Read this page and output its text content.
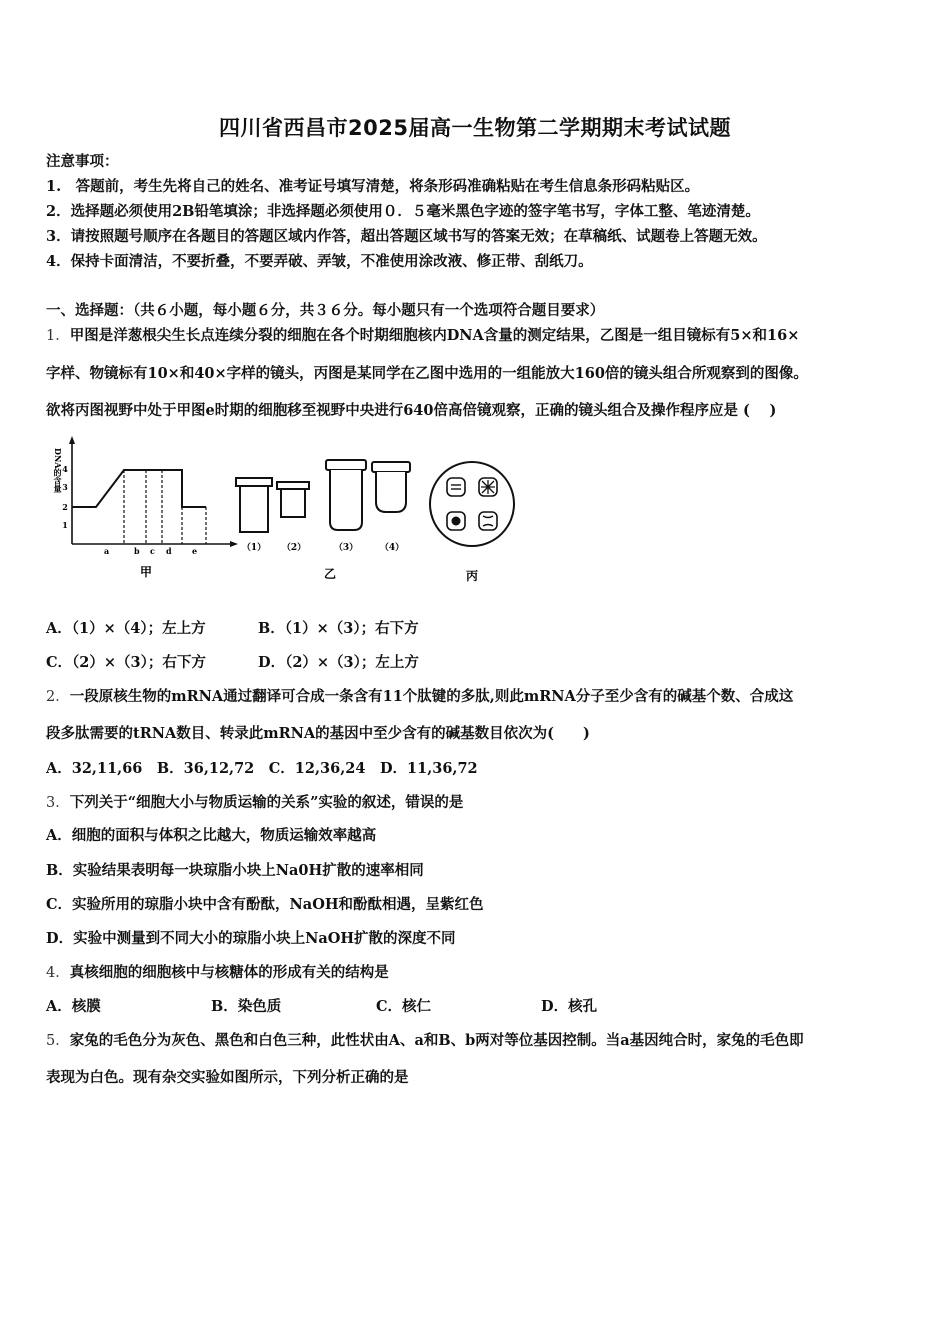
四川省西昌市2025届高一生物第二学期期末考试试题
注意事项：
1.　答题前，考生先将自己的姓名、准考证号填写清楚，将条形码准确粘贴在考生信息条形码粘贴区。
2．选择题必须使用2B铅笔填涂；非选择题必须使用０．５毫米黑色字迹的签字笔书写，字体工整、笔迹清楚。
3．请按照题号顺序在各题目的答题区域内作答，超出答题区域书写的答案无效；在草稿纸、试题卷上答题无效。
4．保持卡面清洁，不要折叠，不要弄破、弄皱，不准使用涂改液、修正带、刮纸刀。
一、选择题：（共６小题，每小题６分，共３６分。每小题只有一个选项符合题目要求）
1．甲图是洋葱根尖生长点连续分裂的细胞在各个时期细胞核内DNA含量的测定结果，乙图是一组目镜标有5×和16×
字样、物镜标有10×和40×字样的镜头，丙图是某同学在乙图中选用的一组能放大160倍的镜头组合所观察到的图像。
欲将丙图视野中处于甲图e时期的细胞移至视野中央进行640倍高倍镜观察，正确的镜头组合及操作程序应是 (　 )
DNA的含量
1
2
3
4
a	b c d	e
甲
（1） （2）	（3） （4）
乙	丙
A．（1）×（4）；左上方	B．（1）×（3）；右下方
C．（2）×（3）；右下方	D．（2）×（3）；左上方
2．一段原核生物的mRNA通过翻译可合成一条含有11个肽键的多肽,则此mRNA分子至少含有的碱基个数、合成这
段多肽需要的tRNA数目、转录此mRNA的基因中至少含有的碱基数目依次为(　　)
A．32,11,66　B．36,12,72　C．12,36,24　D．11,36,72
3．下列关于“细胞大小与物质运输的关系”实验的叙述，错误的是
A．细胞的面积与体积之比越大，物质运输效率越高
B．实验结果表明每一块琼脂小块上Na0H扩散的速率相同
C．实验所用的琼脂小块中含有酚酞，NaOH和酚酞相遇，呈紫红色
D．实验中测量到不同大小的琼脂小块上NaOH扩散的深度不同
4．真核细胞的细胞核中与核糖体的形成有关的结构是
A．核膜	B．染色质	C．核仁	D．核孔
5．家兔的毛色分为灰色、黑色和白色三种，此性状由A、a和B、b两对等位基因控制。当a基因纯合时，家兔的毛色即
表现为白色。现有杂交实验如图所示，下列分析正确的是
